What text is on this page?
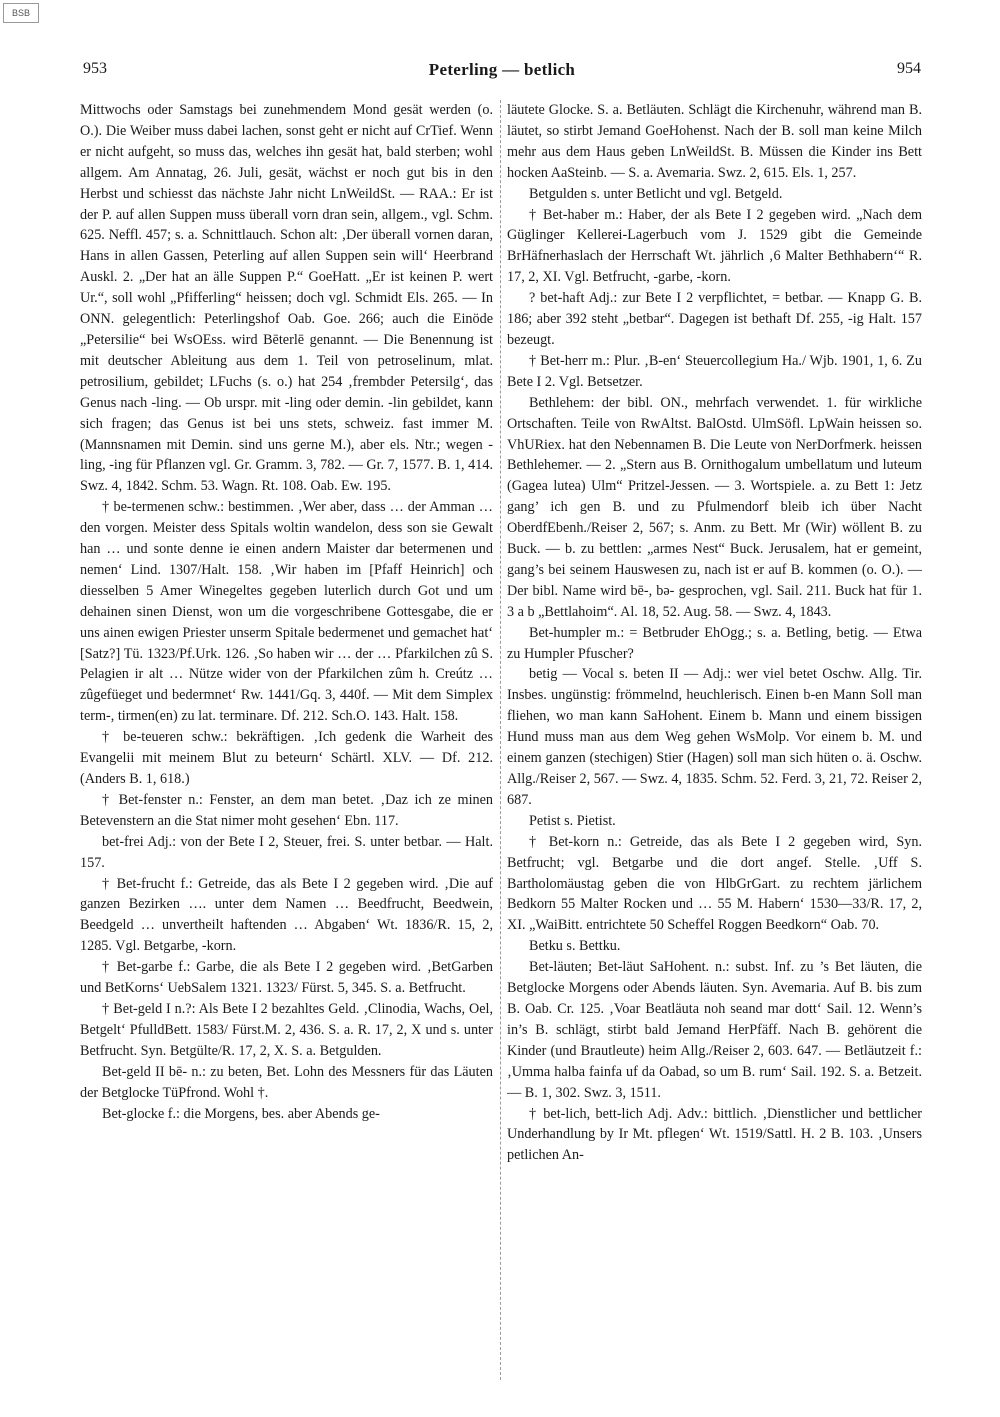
BSB
953	Peterling — betlich	954

Mittwochs oder Samstags bei zunehmendem Mond gesät werden (o. O.). Die Weiber muss dabei lachen, sonst geht er nicht auf CrTief. Wenn er nicht aufgeht, so muss das, welches ihn gesät hat, bald sterben; wohl allgem. Am Annatag, 26. Juli, gesät, wächst er noch gut bis in den Herbst und schiesst das nächste Jahr nicht LnWeildSt. — RAA.: Er ist der P. auf allen Suppen muss überall vorn dran sein, allgem., vgl. Schm. 625. Neffl. 457; s. a. Schnittlauch. Schon alt: ‚Der überall vornen daran, Hans in allen Gassen, Peterling auf allen Suppen sein will‘ Heerbrand Auskl. 2. „Der hat an älle Suppen P.“ GoeHatt. „Er ist keinen P. wert Ur.“, soll wohl „Pfifferling“ heissen; doch vgl. Schmidt Els. 265. — In ONN. gelegentlich: Peterlingshof Oab. Goe. 266; auch die Einöde „Petersilie“ bei WsOEss. wird Bēterlē genannt. — Die Benennung ist mit deutscher Ableitung aus dem 1. Teil von petroselinum, mlat. petrosilium, gebildet; LFuchs (s. o.) hat 254 ‚frembder Petersilg‘, das Genus nach -ling. — Ob urspr. mit -ling oder demin. -lin gebildet, kann sich fragen; das Genus ist bei uns stets, schweiz. fast immer M. (Mannsnamen mit Demin. sind uns gerne M.), aber els. Ntr.; wegen -ling, -ing für Pflanzen vgl. Gr. Gramm. 3, 782. — Gr. 7, 1577. B. 1, 414. Swz. 4, 1842. Schm. 53. Wagn. Rt. 108. Oab. Ew. 195.

† be-termenen schw.: bestimmen. ‚Wer aber, dass … der Amman … den vorgen. Meister dess Spitals woltin wandelon, dess son sie Gewalt han … und sonte denne ie einen andern Maister dar betermenen und nemen‘ Lind. 1307/Halt. 158. ‚Wir haben im [Pfaff Heinrich] och diesselben 5 Amer Winegeltes gegeben luterlich durch Got und um dehainen sinen Dienst, won um die vorgeschribene Gottesgabe, die er uns ainen ewigen Priester unserm Spitale bedermenet und gemachet hat‘ [Satz?] Tü. 1323/Pf.Urk. 126. ‚So haben wir … der … Pfarkilchen zû S. Pelagien ir alt … Nütze wider von der Pfarkilchen zûm h. Creútz … zûgefüeget und bedermnet‘ Rw. 1441/Gq. 3, 440f. — Mit dem Simplex term-, tirmen(en) zu lat. terminare. Df. 212. Sch.O. 143. Halt. 158.

† be-teueren schw.: bekräftigen. ‚Ich gedenk die Warheit des Evangelii mit meinem Blut zu beteurn‘ Schärtl. XLV. — Df. 212. (Anders B. 1, 618.)

† Bet-fenster n.: Fenster, an dem man betet. ‚Daz ich ze minen Betevenstern an die Stat nimer moht gesehen‘ Ebn. 117.

bet-frei Adj.: von der Bete I 2, Steuer, frei. S. unter betbar. — Halt. 157.

† Bet-frucht f.: Getreide, das als Bete I 2 gegeben wird. ‚Die auf ganzen Bezirken …. unter dem Namen … Beedfrucht, Beedwein, Beedgeld … unvertheilt haftenden … Abgaben‘ Wt. 1836/R. 15, 2, 1285. Vgl. Betgarbe, -korn.

† Bet-garbe f.: Garbe, die als Bete I 2 gegeben wird. ‚BetGarben und BetKorns‘ UebSalem 1321. 1323/ Fürst. 5, 345. S. a. Betfrucht.

† Bet-geld I n.?: Als Bete I 2 bezahltes Geld. ‚Clinodia, Wachs, Oel, Betgelt‘ PfulldBett. 1583/ Fürst.M. 2, 436. S. a. R. 17, 2, X und s. unter Betfrucht. Syn. Betgülte/R. 17, 2, X. S. a. Betgulden.

Bet-geld II bē- n.: zu beten, Bet. Lohn des Messners für das Läuten der Betglocke TüPfrond. Wohl †.

Bet-glocke f.: die Morgens, bes. aber Abends ge-

läutete Glocke. S. a. Betläuten. Schlägt die Kirchenuhr, während man B. läutet, so stirbt Jemand GoeHohenst. Nach der B. soll man keine Milch mehr aus dem Haus geben LnWeildSt. B. Müssen die Kinder ins Bett hocken AaSteinb. — S. a. Avemaria. Swz. 2, 615. Els. 1, 257.

Betgulden s. unter Betlicht und vgl. Betgeld.

† Bet-haber m.: Haber, der als Bete I 2 gegeben wird. „Nach dem Güglinger Kellerei-Lagerbuch vom J. 1529 gibt die Gemeinde BrHäfnerhaslach der Herrschaft Wt. jährlich ‚6 Malter Bethhabern‘“ R. 17, 2, XI. Vgl. Betfrucht, -garbe, -korn.

? bet-haft Adj.: zur Bete I 2 verpflichtet, = betbar. — Knapp G. B. 186; aber 392 steht „betbar“. Dagegen ist bethaft Df. 255, -ig Halt. 157 bezeugt.

† Bet-herr m.: Plur. ‚B-en‘ Steuercollegium Ha./ Wjb. 1901, 1, 6. Zu Bete I 2. Vgl. Betsetzer.

Bethlehem: der bibl. ON., mehrfach verwendet. 1. für wirkliche Ortschaften. Teile von RwAltst. BalOstd. UlmSöfl. LpWain heissen so. VhURiex. hat den Nebennamen B. Die Leute von NerDorfmerk. heissen Bethlehemer. — 2. „Stern aus B. Ornithogalum umbellatum und luteum (Gagea lutea) Ulm“ Pritzel-Jessen. — 3. Wortspiele. a. zu Bett 1: Jetz gang’ ich gen B. und zu Pfulmendorf bleib ich über Nacht OberdfEbenh./Reiser 2, 567; s. Anm. zu Bett. Mr (Wir) wöllent B. zu Buck. — b. zu bettlen: „armes Nest“ Buck. Jerusalem, hat er gemeint, gang’s bei seinem Hauswesen zu, nach ist er auf B. kommen (o. O.). — Der bibl. Name wird bē-, bǝ- gesprochen, vgl. Sail. 211. Buck hat für 1. 3 a b „Bettlahoim“. Al. 18, 52. Aug. 58. — Swz. 4, 1843.

Bet-humpler m.: = Betbruder EhOgg.; s. a. Betling, betig. — Etwa zu Humpler Pfuscher?

betig — Vocal s. beten II — Adj.: wer viel betet Oschw. Allg. Tir. Insbes. ungünstig: frömmelnd, heuchlerisch. Einen b-en Mann Soll man fliehen, wo man kann SaHohent. Einem b. Mann und einem bissigen Hund muss man aus dem Weg gehen WsMolp. Vor einem b. M. und einem ganzen (stechigen) Stier (Hagen) soll man sich hüten o. ä. Oschw. Allg./Reiser 2, 567. — Swz. 4, 1835. Schm. 52. Ferd. 3, 21, 72. Reiser 2, 687.

Petist s. Pietist.

† Bet-korn n.: Getreide, das als Bete I 2 gegeben wird, Syn. Betfrucht; vgl. Betgarbe und die dort angef. Stelle. ‚Uff S. Bartholomäustag geben die von HlbGrGart. zu rechtem järlichem Bedkorn 55 Malter Rocken und … 55 M. Habern‘ 1530—33/R. 17, 2, XI. „WaiBitt. entrichtete 50 Scheffel Roggen Beedkorn“ Oab. 70.

Betku s. Bettku.

Bet-läuten; Bet-läut SaHohent. n.: subst. Inf. zu ’s Bet läuten, die Betglocke Morgens oder Abends läuten. Syn. Avemaria. Auf B. bis zum B. Oab. Cr. 125. ‚Voar Beatläuta noh seand mar dott‘ Sail. 12. Wenn’s in’s B. schlägt, stirbt bald Jemand HerPfäff. Nach B. gehörent die Kinder (und Brautleute) heim Allg./Reiser 2, 603. 647. — Betläutzeit f.: ‚Umma halba fainfa uf da Oabad, so um B. rum‘ Sail. 192. S. a. Betzeit. — B. 1, 302. Swz. 3, 1511.

† bet-lich, bett-lich Adj. Adv.: bittlich. ‚Dienstlicher und bettlicher Underhandlung by Ir Mt. pflegen‘ Wt. 1519/Sattl. H. 2 B. 103. ‚Unsers petlichen An-
